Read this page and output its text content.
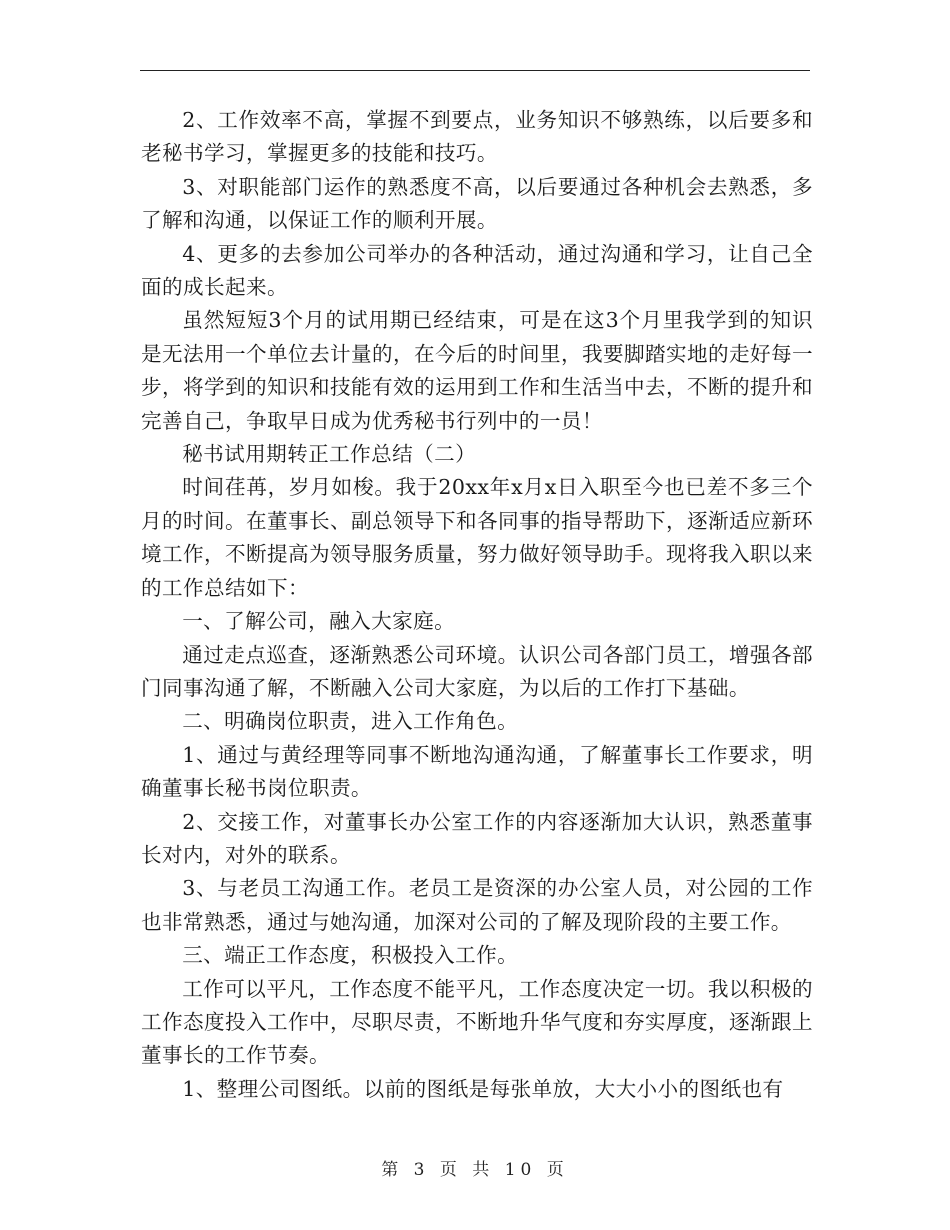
2、工作效率不高，掌握不到要点，业务知识不够熟练，以后要多和老秘书学习，掌握更多的技能和技巧。

3、对职能部门运作的熟悉度不高，以后要通过各种机会去熟悉，多了解和沟通，以保证工作的顺利开展。

4、更多的去参加公司举办的各种活动，通过沟通和学习，让自己全面的成长起来。

虽然短短3个月的试用期已经结束，可是在这3个月里我学到的知识是无法用一个单位去计量的，在今后的时间里，我要脚踏实地的走好每一步，将学到的知识和技能有效的运用到工作和生活当中去，不断的提升和完善自己，争取早日成为优秀秘书行列中的一员！

秘书试用期转正工作总结（二）

时间荏苒，岁月如梭。我于20xx年x月x日入职至今也已差不多三个月的时间。在董事长、副总领导下和各同事的指导帮助下，逐渐适应新环境工作，不断提高为领导服务质量，努力做好领导助手。现将我入职以来的工作总结如下：

一、了解公司，融入大家庭。

通过走点巡查，逐渐熟悉公司环境。认识公司各部门员工，增强各部门同事沟通了解，不断融入公司大家庭，为以后的工作打下基础。

二、明确岗位职责，进入工作角色。

1、通过与黄经理等同事不断地沟通沟通，了解董事长工作要求，明确董事长秘书岗位职责。

2、交接工作，对董事长办公室工作的内容逐渐加大认识，熟悉董事长对内，对外的联系。

3、与老员工沟通工作。老员工是资深的办公室人员，对公园的工作也非常熟悉，通过与她沟通，加深对公司的了解及现阶段的主要工作。

三、端正工作态度，积极投入工作。

工作可以平凡，工作态度不能平凡，工作态度决定一切。我以积极的工作态度投入工作中，尽职尽责，不断地升华气度和夯实厚度，逐渐跟上董事长的工作节奏。

1、整理公司图纸。以前的图纸是每张单放，大大小小的图纸也有

第 3 页 共 10 页
